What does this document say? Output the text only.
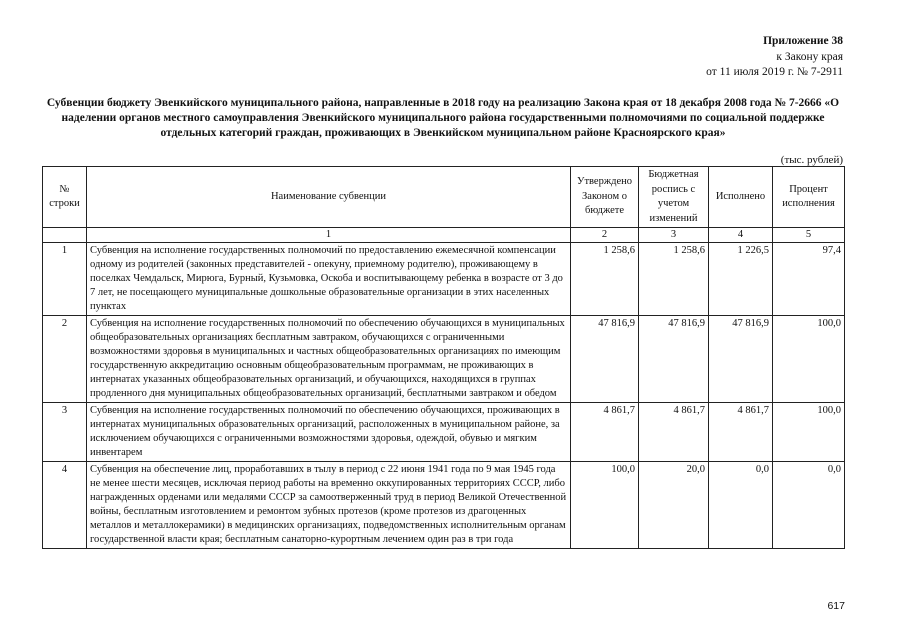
Приложение 38
к Закону края
от 11 июля 2019 г. № 7-2911
Субвенции бюджету Эвенкийского муниципального района, направленные в 2018 году на реализацию Закона края от 18 декабря 2008 года № 7-2666 «О наделении органов местного самоуправления Эвенкийского муниципального района государственными полномочиями по социальной поддержке отдельных категорий граждан, проживающих в Эвенкийском муниципальном районе Красноярского края»
(тыс. рублей)
№ строки	Наименование субвенции	Утверждено Законом о бюджете	Бюджетная роспись с учетом изменений	Исполнено	Процент исполнения
	1	2	3	4	5
1	Субвенция на исполнение государственных полномочий по предоставлению ежемесячной компенсации одному из родителей (законных представителей - опекуну, приемному родителю), проживающему в поселках Чемдальск, Мирюга, Бурный, Кузьмовка, Оскоба и воспитывающему ребенка в возрасте от 3 до 7 лет, не посещающего муниципальные дошкольные образовательные организации в этих населенных пунктах	1 258,6	1 258,6	1 226,5	97,4
2	Субвенция на исполнение государственных полномочий по обеспечению обучающихся в муниципальных общеобразовательных организациях бесплатным завтраком, обучающихся с ограниченными возможностями здоровья в муниципальных и частных общеобразовательных организациях по имеющим государственную аккредитацию основным общеобразовательным программам, не проживающих в интернатах указанных общеобразовательных организаций, и обучающихся, находящихся в группах продленного дня муниципальных общеобразовательных организаций, бесплатными завтраком и обедом	47 816,9	47 816,9	47 816,9	100,0
3	Субвенция на исполнение государственных полномочий по обеспечению обучающихся, проживающих в интернатах муниципальных образовательных организаций, расположенных в муниципальном районе, за исключением обучающихся с ограниченными возможностями здоровья, одеждой, обувью и мягким инвентарем	4 861,7	4 861,7	4 861,7	100,0
4	Субвенция на обеспечение лиц, проработавших в тылу в период с 22 июня 1941 года по 9 мая 1945 года не менее шести месяцев, исключая период работы на временно оккупированных территориях СССР, либо награжденных орденами или медалями СССР за самоотверженный труд в период Великой Отечественной войны, бесплатным изготовлением и ремонтом зубных протезов (кроме протезов из драгоценных металлов и металлокерамики) в медицинских организациях, подведомственных исполнительным органам государственной власти края; бесплатным санаторно-курортным лечением один раз в три года	100,0	20,0	0,0	0,0
617
